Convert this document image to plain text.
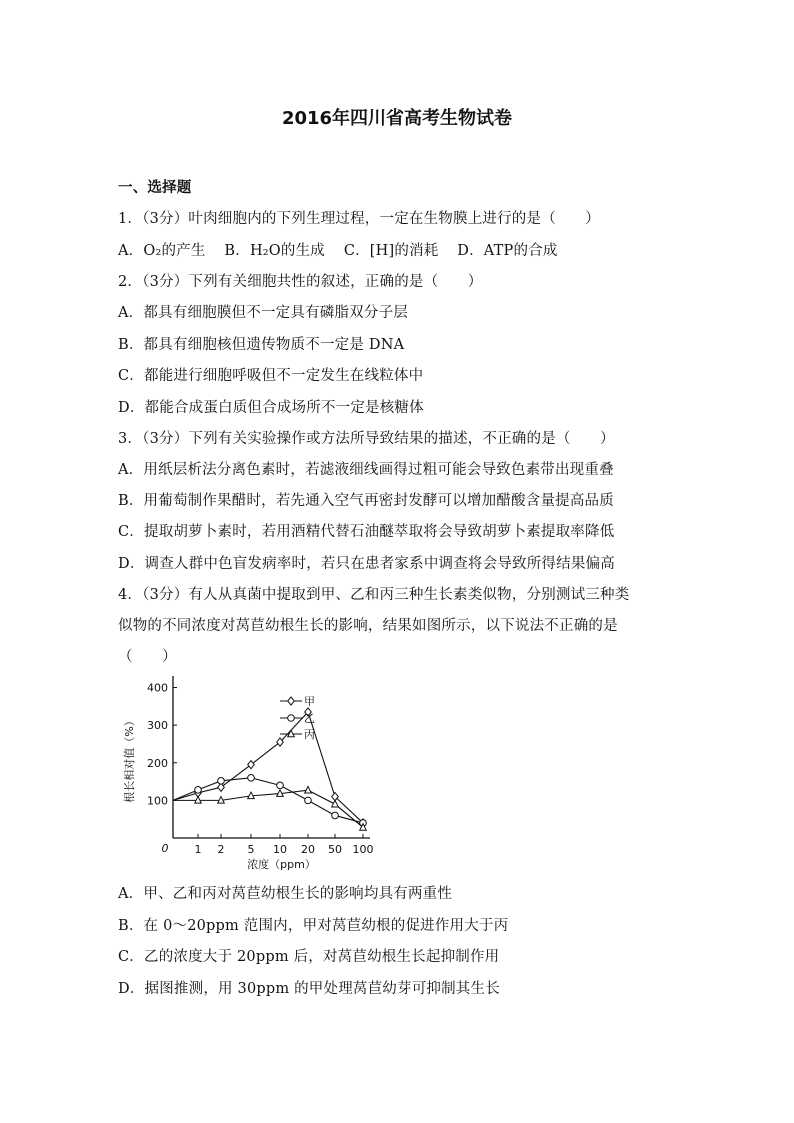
2016年四川省高考生物试卷
一、选择题
1．（3分）叶肉细胞内的下列生理过程，一定在生物膜上进行的是（　　）
A．O₂的产生 B．H₂O的生成 C．[H]的消耗 D．ATP的合成
2．（3分）下列有关细胞共性的叙述，正确的是（　　）
A．都具有细胞膜但不一定具有磷脂双分子层
B．都具有细胞核但遗传物质不一定是 DNA
C．都能进行细胞呼吸但不一定发生在线粒体中
D．都能合成蛋白质但合成场所不一定是核糖体
3．（3分）下列有关实验操作或方法所导致结果的描述，不正确的是（　　）
A．用纸层析法分离色素时，若滤液细线画得过粗可能会导致色素带出现重叠
B．用葡萄制作果醋时，若先通入空气再密封发酵可以增加醋酸含量提高品质
C．提取胡萝卜素时，若用酒精代替石油醚萃取将会导致胡萝卜素提取率降低
D．调查人群中色盲发病率时，若只在患者家系中调查将会导致所得结果偏高
4．（3分）有人从真菌中提取到甲、乙和丙三种生长素类似物，分别测试三种类
似物的不同浓度对莴苣幼根生长的影响，结果如图所示，以下说法不正确的是
（　　）
100
200
300
400
1 2 5 10 20 50 100
0
根长相对值（%）
浓度（ppm）
甲
乙
丙
A．甲、乙和丙对莴苣幼根生长的影响均具有两重性
B．在 0～20ppm 范围内，甲对莴苣幼根的促进作用大于丙
C．乙的浓度大于 20ppm 后，对莴苣幼根生长起抑制作用
D．据图推测，用 30ppm 的甲处理莴苣幼芽可抑制其生长
